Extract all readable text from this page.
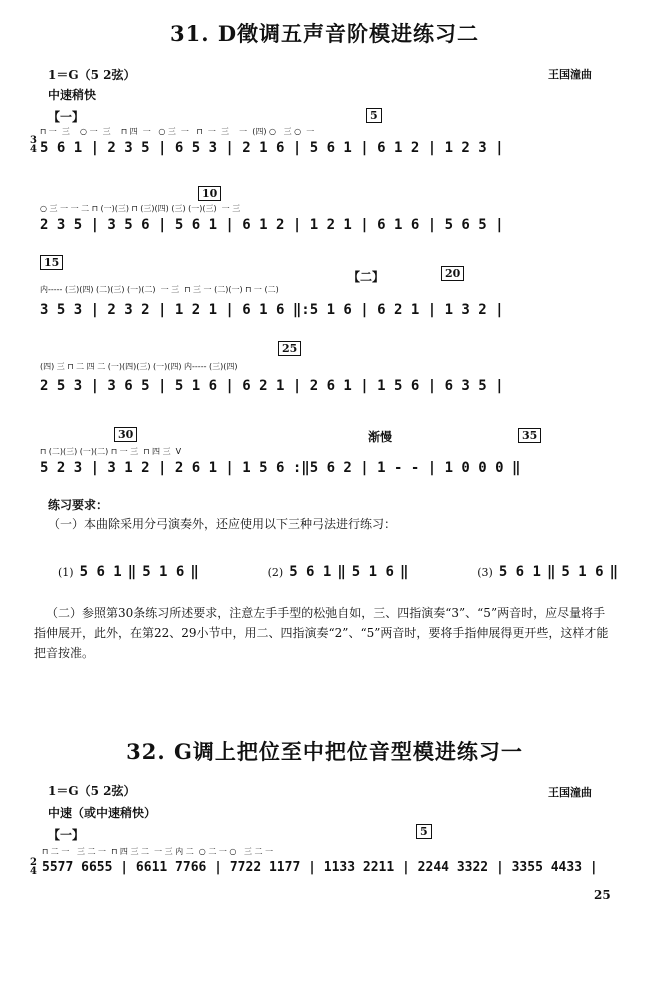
31. D徵调五声音阶模进练习二
1＝G（5 2弦）	王国潼曲
中速稍快
【一】	5
10
15
【二】	20
25
30	35
渐慢
3
4
⊓ 一  三    ○ 一  三    ⊓ 四  一   ○ 三  一   ⊓  一  三    一  (四) ○   三 ○  一
5 6 1 | 2 3 5 | 6 5 3 | 2 1 6 | 5 6 1 | 6 1 2 | 1 2 3 |
○ 三 一 一 二 ⊓ (一)(三) ⊓ (三)(四) (三) (一)(三)  一 三
2 3 5 | 3 5 6 | 5 6 1 | 6 1 2 | 1 2 1 | 6 1 6 | 5 6 5 |
内----- (三)(四) (二)(三) (一)(二)  一 三  ⊓ 三 一 (二)(一) ⊓ 一 (二)
3 5 3 | 2 3 2 | 1 2 1 | 6 1 6 ‖:5 1 6 | 6 2 1 | 1 3 2 |
(四) 三 ⊓ 二 四 二 (一)(四)(三) (一)(四) 内----- (三)(四)
2 5 3 | 3 6 5 | 5 1 6 | 6 2 1 | 2 6 1 | 1 5 6 | 6 3 5 |
⊓ (二)(三) (一)(二) ⊓ 一 三  ⊓ 四 三  V
5 2 3 | 3 1 2 | 2 6 1 | 1 5 6 :‖5 6 2 | 1 - - | 1 0 0 0 ‖
练习要求：
（一）本曲除采用分弓演奏外，还应使用以下三种弓法进行练习：
(1) 5 6 1 ‖ 5 1 6 ‖	(2) 5 6 1 ‖ 5 1 6 ‖	(3) 5 6 1 ‖ 5 1 6 ‖
（二）参照第30条练习所述要求，注意左手手型的松弛自如，三、四指演奏“3”、“5”两音时，应尽量将手指伸展开，此外，在第22、29小节中，用二、四指演奏“2”、“5”两音时，要将手指伸展得更开些，这样才能把音按准。
32. G调上把位至中把位音型模进练习一
1＝G（5 2弦）	王国潼曲
中速（或中速稍快）
【一】	5
2
4
⊓ 二 一   三 二 一  ⊓ 四 三 二  一 三 内 二  ○ 二 一 ○   三 二 一
5577 6655 | 6611 7766 | 7722 1177 | 1133 2211 | 2244 3322 | 3355 4433 |
25
